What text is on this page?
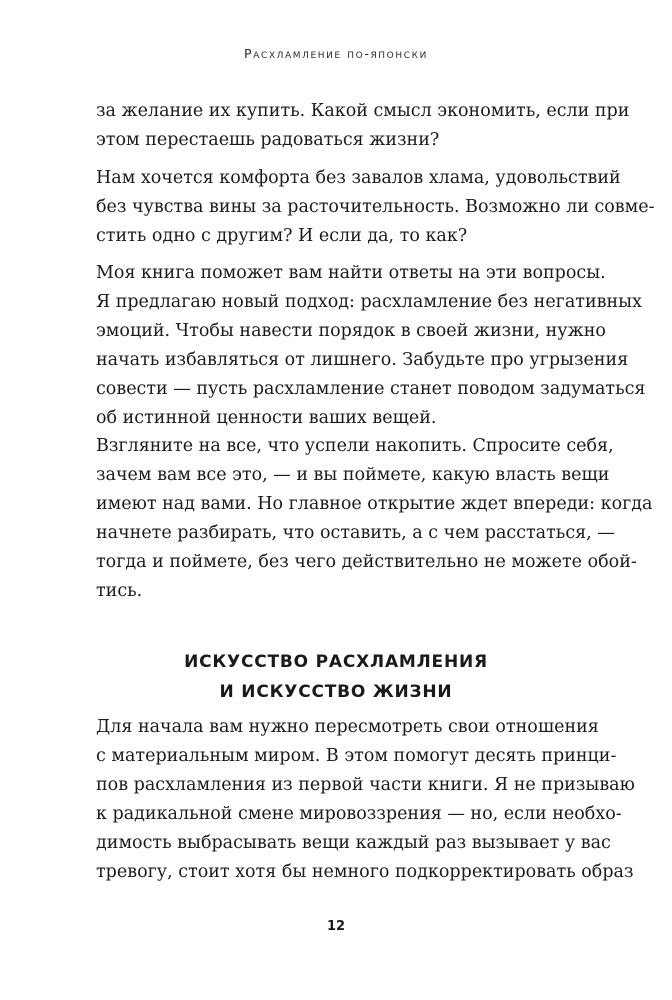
Расхламление по-японски
за желание их купить. Какой смысл экономить, если при
этом перестаешь радоваться жизни?
Нам хочется комфорта без завалов хлама, удовольствий
без чувства вины за расточительность. Возможно ли совме-
стить одно с другим? И если да, то как?
Моя книга поможет вам найти ответы на эти вопросы.
Я предлагаю новый подход: расхламление без негативных
эмоций. Чтобы навести порядок в своей жизни, нужно
начать избавляться от лишнего. Забудьте про угрызения
совести — пусть расхламление станет поводом задуматься
об истинной ценности ваших вещей.
Взгляните на все, что успели накопить. Спросите себя,
зачем вам все это, — и вы поймете, какую власть вещи
имеют над вами. Но главное открытие ждет впереди: когда
начнете разбирать, что оставить, а с чем расстаться, —
тогда и поймете, без чего действительно не можете обой-
тись.
ИСКУССТВО РАСХЛАМЛЕНИЯ
И ИСКУССТВО ЖИЗНИ
Для начала вам нужно пересмотреть свои отношения
с материальным миром. В этом помогут десять принци-
пов расхламления из первой части книги. Я не призываю
к радикальной смене мировоззрения — но, если необхо-
димость выбрасывать вещи каждый раз вызывает у вас
тревогу, стоит хотя бы немного подкорректировать образ
12
